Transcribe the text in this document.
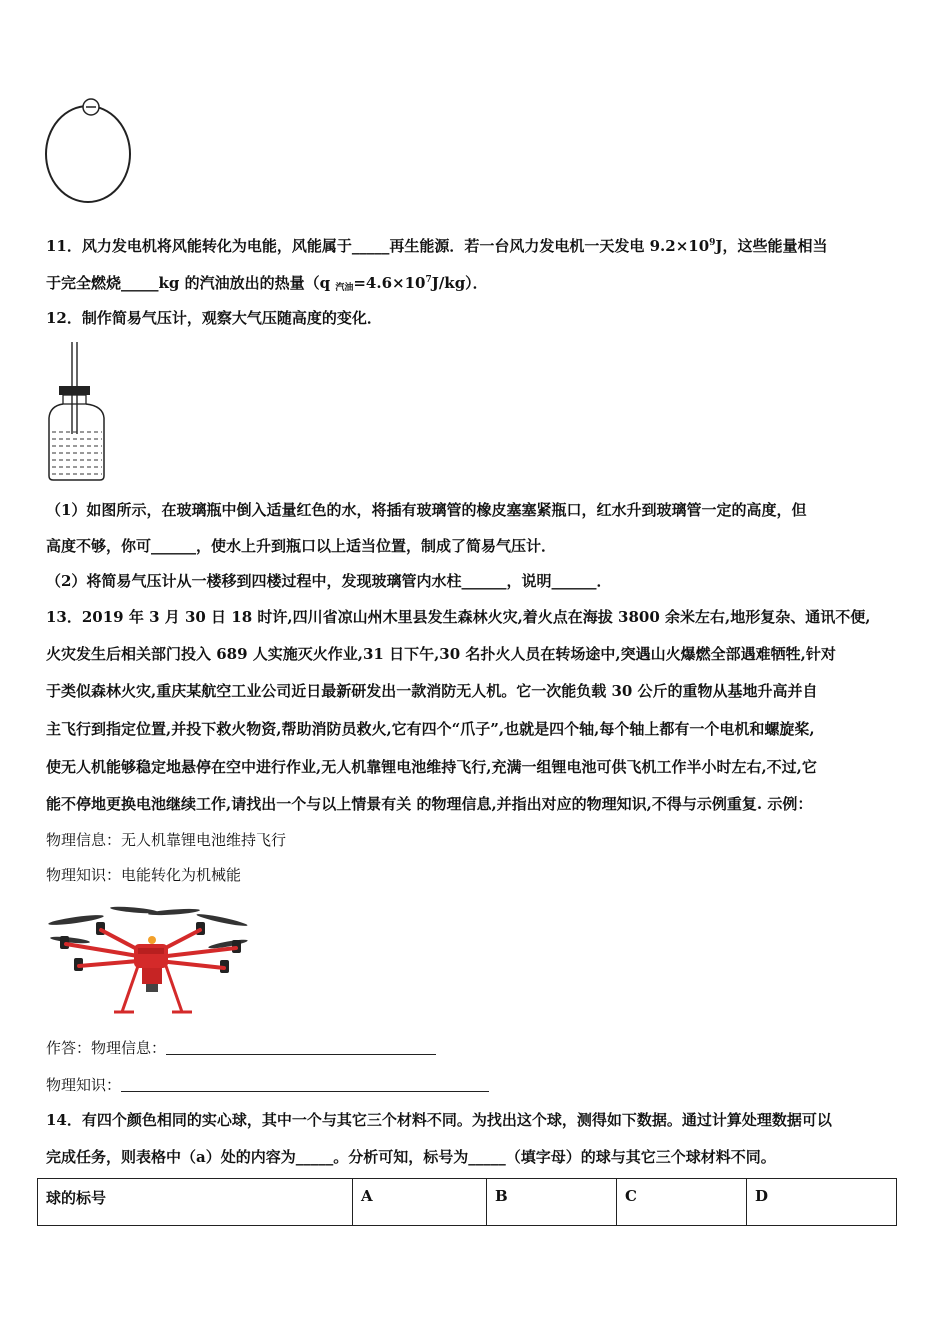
11．风力发电机将风能转化为电能，风能属于_____再生能源．若一台风力发电机一天发电 $9.2\times 10^9J$，这些能量相当
于完全燃烧_____kg 的汽油放出的热量（q 汽油$=4.6\times 10^7J/kg$）．
12．制作简易气压计，观察大气压随高度的变化．
（1）如图所示，在玻璃瓶中倒入适量红色的水，将插有玻璃管的橡皮塞塞紧瓶口，红水升到玻璃管一定的高度，但
高度不够，你可______，使水上升到瓶口以上适当位置，制成了简易气压计．
（2）将简易气压计从一楼移到四楼过程中，发现玻璃管内水柱______，说明______．
13．2019 年 3 月 30 日 18 时许,四川省凉山州木里县发生森林火灾,着火点在海拔 3800 余米左右,地形复杂、通讯不便,
火灾发生后相关部门投入 689 人实施灭火作业,31 日下午,30 名扑火人员在转场途中,突遇山火爆燃全部遇难牺牲,针对
于类似森林火灾,重庆某航空工业公司近日最新研发出一款消防无人机。它一次能负载 30 公斤的重物从基地升高并自
主飞行到指定位置,并投下救火物资,帮助消防员救火,它有四个“爪子”,也就是四个轴,每个轴上都有一个电机和螺旋桨,
使无人机能够稳定地悬停在空中进行作业,无人机靠锂电池维持飞行,充满一组锂电池可供飞机工作半小时左右,不过,它
能不停地更换电池继续工作,请找出一个与以上情景有关 的物理信息,并指出对应的物理知识,不得与示例重复. 示例：
物理信息：无人机靠锂电池维持飞行
物理知识：电能转化为机械能
作答：物理信息：
物理知识：
14．有四个颜色相同的实心球，其中一个与其它三个材料不同。为找出这个球，测得如下数据。通过计算处理数据可以
完成任务，则表格中（a）处的内容为_____。分析可知，标号为_____（填字母）的球与其它三个球材料不同。
球的标号	A	B	C	D
